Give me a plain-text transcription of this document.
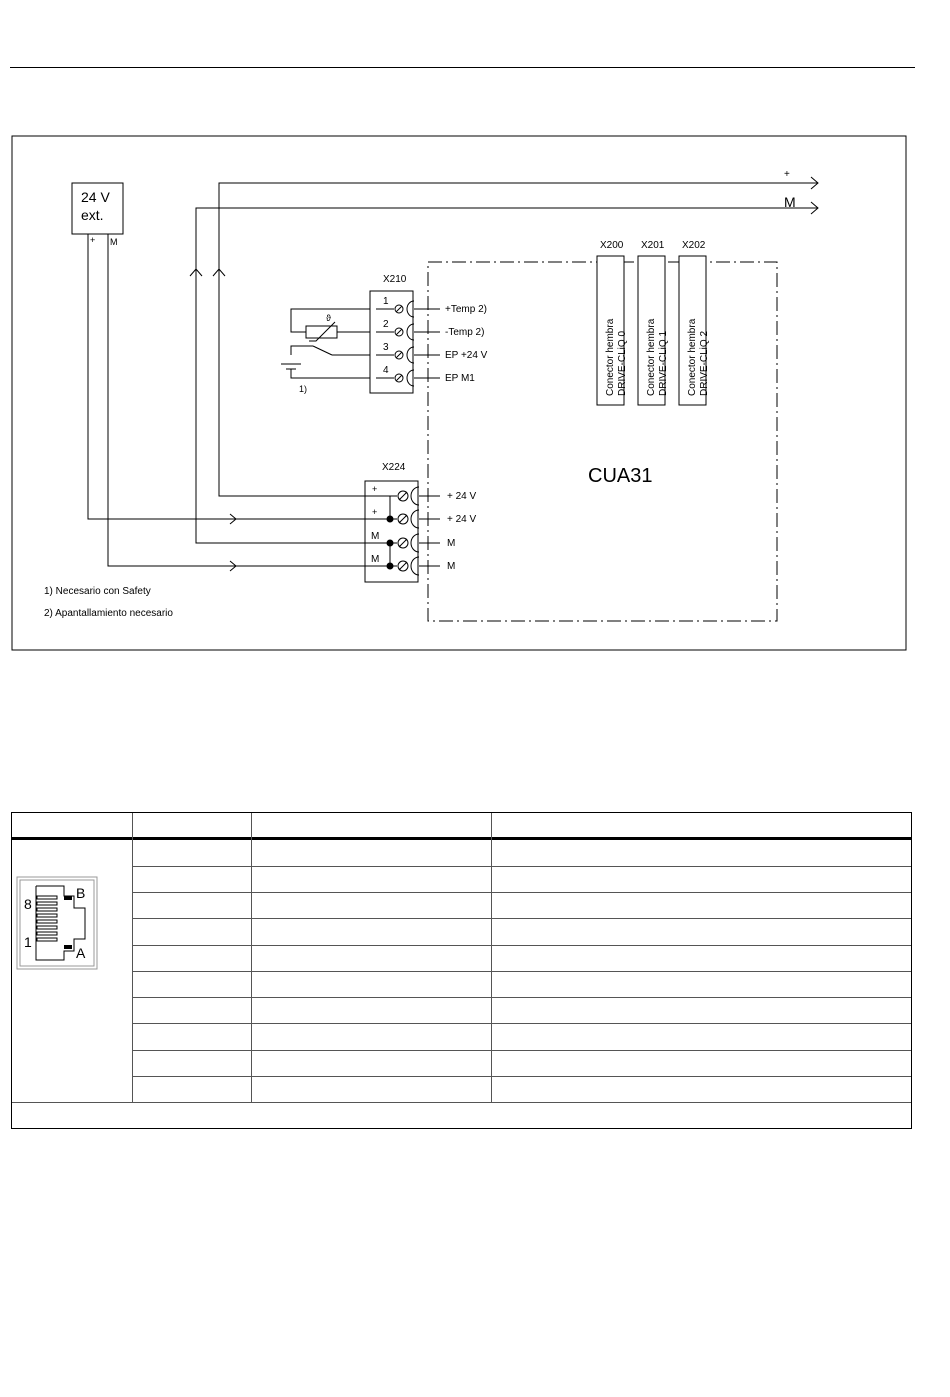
24 V
ext.
+ M
+
M
CUA31
X200
Conector hembra DRIVE-CLiQ 0
X201
Conector hembra DRIVE-CLiQ 1
X202
Conector hembra DRIVE-CLiQ 2
X210
1
2
3
4
+Temp 2)
-Temp 2)
EP +24 V
EP M1
ϑ
1)
X224
+
+
M
M
+ 24 V
+ 24 V
M
M
1) Necesario con Safety
2) Apantallamiento necesario
8
1
B
A
